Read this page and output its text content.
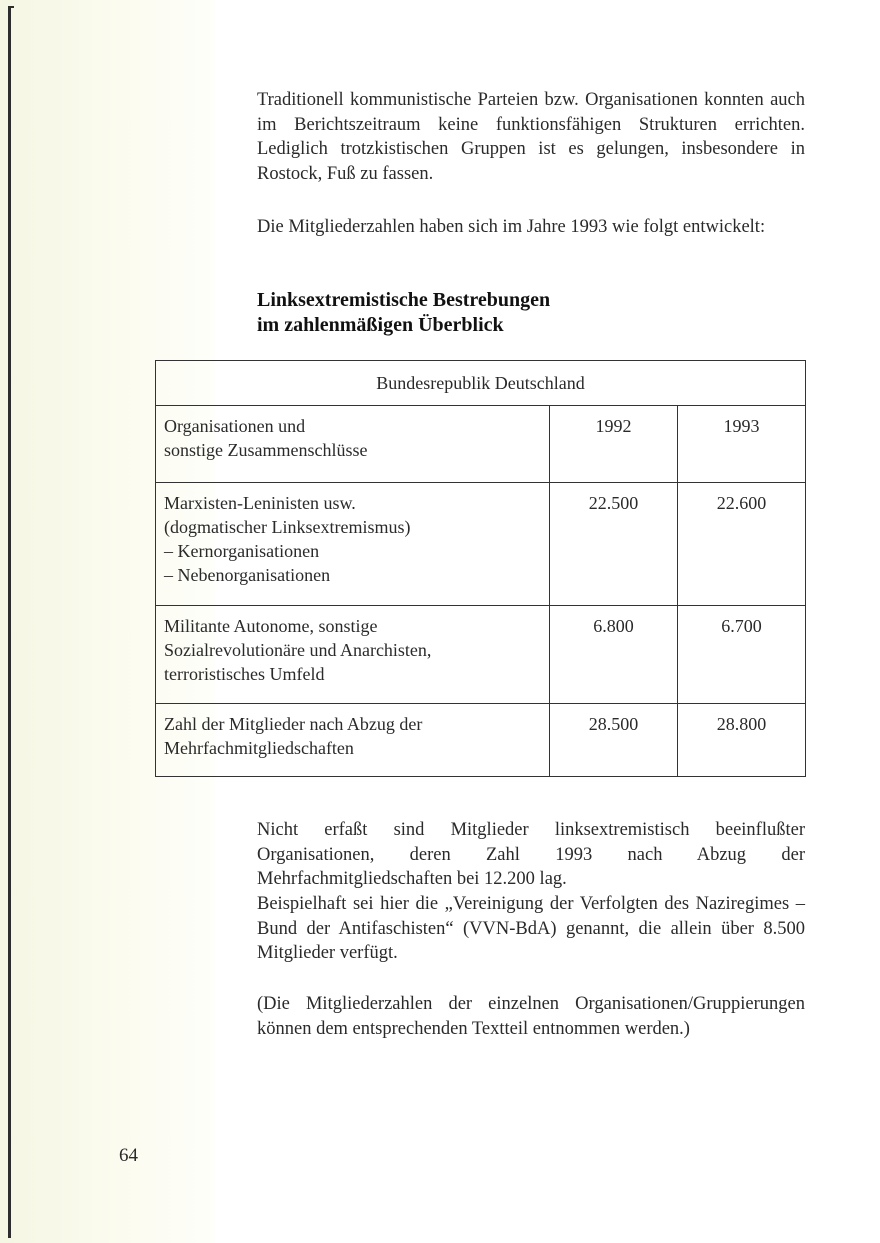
Traditionell kommunistische Parteien bzw. Organisationen konnten auch im Berichtszeitraum keine funktionsfähigen Strukturen errichten. Lediglich trotzkistischen Gruppen ist es gelungen, insbesondere in Rostock, Fuß zu fassen.

Die Mitgliederzahlen haben sich im Jahre 1993 wie folgt entwickelt:

Linksextremistische Bestrebungen
im zahlenmäßigen Überblick
Bundesrepublik Deutschland		

Organisationen und
sonstige Zusammenschlüsse	1992	1993

Marxisten-Leninisten usw.
(dogmatischer Linksextremismus)
– Kernorganisationen
– Nebenorganisationen	22.500	22.600

Militante Autonome, sonstige
Sozialrevolutionäre und Anarchisten,
terroristisches Umfeld	6.800	6.700

Zahl der Mitglieder nach Abzug der
Mehrfachmitgliedschaften	28.500	28.800

Nicht erfaßt sind Mitglieder linksextremistisch beeinflußter Organisationen, deren Zahl 1993 nach Abzug der Mehrfachmitgliedschaften bei 12.200 lag.

Beispielhaft sei hier die „Vereinigung der Verfolgten des Naziregimes – Bund der Antifaschisten“ (VVN-BdA) genannt, die allein über 8.500 Mitglieder verfügt.

(Die Mitgliederzahlen der einzelnen Organisationen/Gruppierungen können dem entsprechenden Textteil entnommen werden.)

64
